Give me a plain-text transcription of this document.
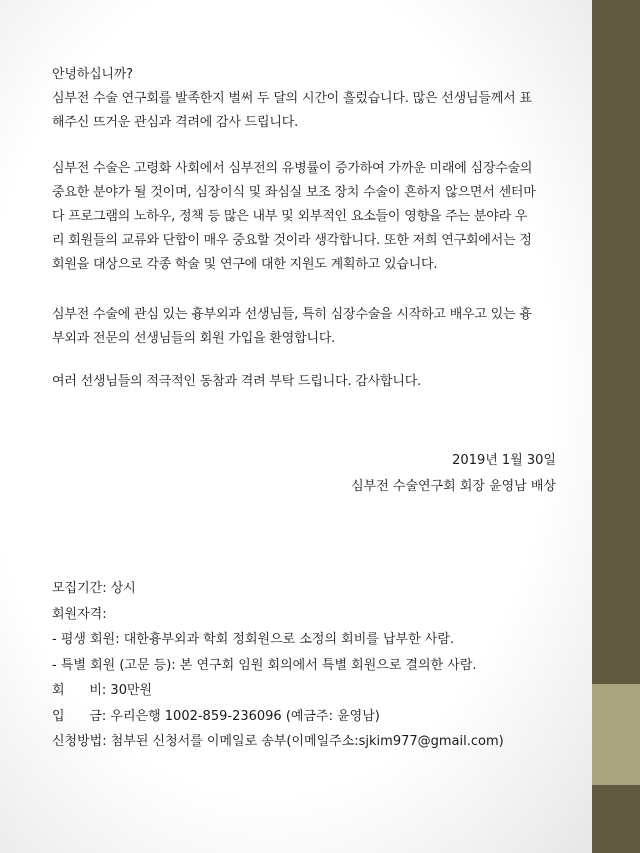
안녕하십니까?

심부전 수술 연구회를 발족한지 벌써 두 달의 시간이 흘렀습니다. 많은 선생님들께서 표
해주신 뜨거운 관심과 격려에 감사 드립니다.

심부전 수술은 고령화 사회에서 심부전의 유병률이 증가하여 가까운 미래에 심장수술의
중요한 분야가 될 것이며, 심장이식 및 좌심실 보조 장치 수술이 흔하지 않으면서 센터마
다 프로그램의 노하우, 정책 등 많은 내부 및 외부적인 요소들이 영향을 주는 분야라 우
리 회원들의 교류와 단합이 매우 중요할 것이라 생각합니다. 또한 저희 연구회에서는 정
회원을 대상으로 각종 학술 및 연구에 대한 지원도 계획하고 있습니다.

심부전 수술에 관심 있는 흉부외과 선생님들, 특히 심장수술을 시작하고 배우고 있는 흉
부외과 전문의 선생님들의 회원 가입을 환영합니다.

여러 선생님들의 적극적인 동참과 격려 부탁 드립니다. 감사합니다.

2019년 1월 30일

심부전 수술연구회 회장 윤영남 배상

모집기간: 상시
회원자격:
- 평생 회원: 대한흉부외과 학회 정회원으로 소정의 회비를 납부한 사람.
- 특별 회원 (고문 등): 본 연구회 임원 회의에서 특별 회원으로 결의한 사람.
회      비: 30만원
입      금: 우리은행 1002-859-236096 (예금주: 윤영남)
신청방법: 첨부된 신청서를 이메일로 송부(이메일주소:sjkim977@gmail.com)
